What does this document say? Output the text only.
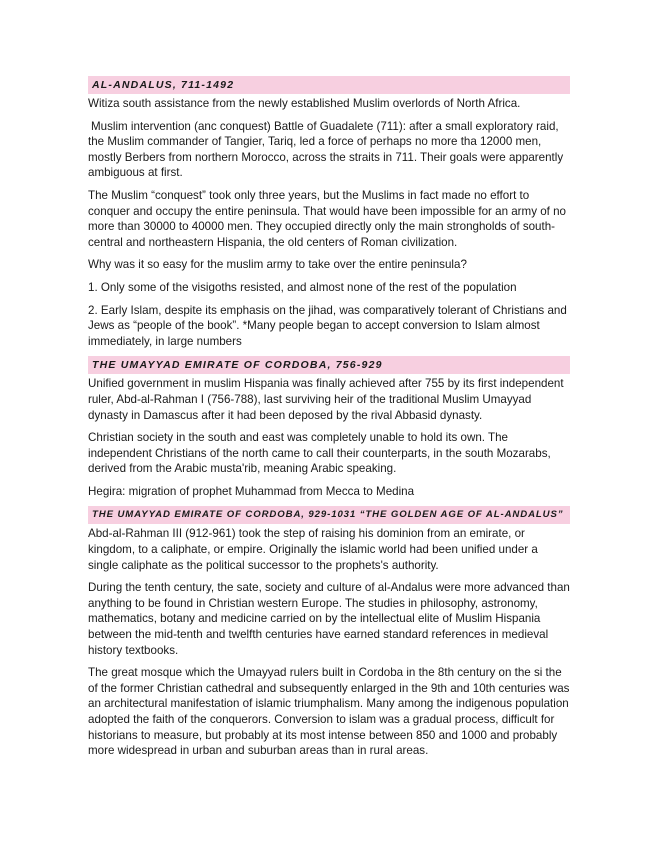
AL-ANDALUS, 711-1492

Witiza south assistance from the newly established Muslim overlords of North Africa.

Muslim intervention (anc conquest) Battle of Guadalete (711): after a small exploratory raid, the Muslim commander of Tangier, Tariq, led a force of perhaps no more tha 12000 men, mostly Berbers from northern Morocco, across the straits in 711. Their goals were apparently ambiguous at first.

The Muslim “conquest” took only three years, but the Muslims in fact made no effort to conquer and occupy the entire peninsula. That would have been impossible for an army of no more than 30000 to 40000 men. They occupied directly only the main strongholds of south-central and northeastern Hispania, the old centers of Roman civilization.

Why was it so easy for the muslim army to take over the entire peninsula?

1. Only some of the visigoths resisted, and almost none of the rest of the population

2. Early Islam, despite its emphasis on the jihad, was comparatively tolerant of Christians and Jews as “people of the book”. *Many people began to accept conversion to Islam almost immediately, in large numbers

THE UMAYYAD EMIRATE OF CORDOBA, 756-929

Unified government in muslim Hispania was finally achieved after 755 by its first independent ruler, Abd-al-Rahman I (756-788), last surviving heir of the traditional Muslim Umayyad dynasty in Damascus after it had been deposed by the rival Abbasid dynasty.

Christian society in the south and east was completely unable to hold its own. The independent Christians of the north came to call their counterparts, in the south Mozarabs, derived from the Arabic musta'rib, meaning Arabic speaking.

Hegira: migration of prophet Muhammad from Mecca to Medina

THE UMAYYAD EMIRATE OF CORDOBA, 929-1031 “THE GOLDEN AGE OF AL-ANDALUS”

Abd-al-Rahman III (912-961) took the step of raising his dominion from an emirate, or kingdom, to a caliphate, or empire. Originally the islamic world had been unified under a single caliphate as the political successor to the prophets's authority.

During the tenth century, the sate, society and culture of al-Andalus were more advanced than anything to be found in Christian western Europe. The studies in philosophy, astronomy, mathematics, botany and medicine carried on by the intellectual elite of Muslim Hispania between the mid-tenth and twelfth centuries have earned standard references in medieval history textbooks.

The great mosque which the Umayyad rulers built in Cordoba in the 8th century on the si the of the former Christian cathedral and subsequently enlarged in the 9th and 10th centuries was an architectural manifestation of islamic triumphalism. Many among the indigenous population adopted the faith of the conquerors. Conversion to islam was a gradual process, difficult for historians to measure, but probably at its most intense between 850 and 1000 and probably more widespread in urban and suburban areas than in rural areas.
